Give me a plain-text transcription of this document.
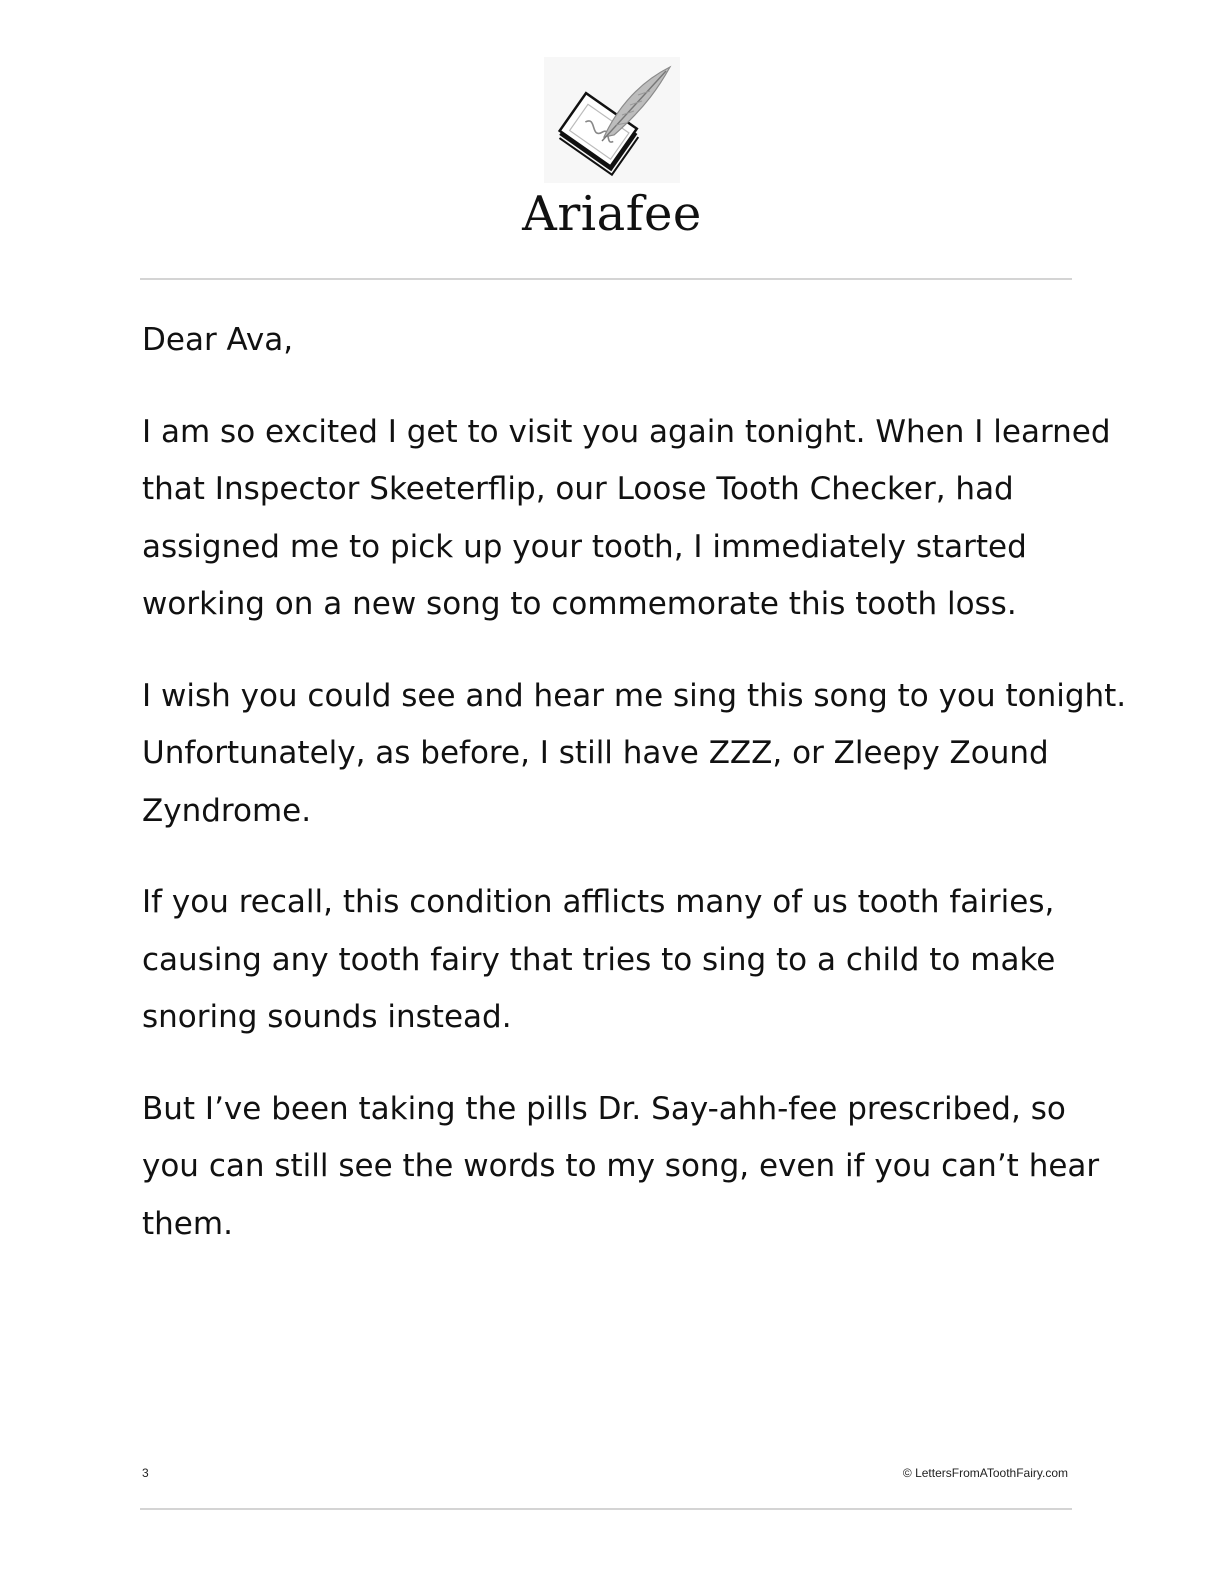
Ariafee

Dear Ava,

I am so excited I get to visit you again tonight. When I learned
that Inspector Skeeterflip, our Loose Tooth Checker, had
assigned me to pick up your tooth, I immediately started
working on a new song to commemorate this tooth loss.

I wish you could see and hear me sing this song to you tonight.
Unfortunately, as before, I still have ZZZ, or Zleepy Zound
Zyndrome.

If you recall, this condition afflicts many of us tooth fairies,
causing any tooth fairy that tries to sing to a child to make
snoring sounds instead.

But I’ve been taking the pills Dr. Say-ahh-fee prescribed, so
you can still see the words to my song, even if you can’t hear
them.

3	© LettersFromAToothFairy.com
